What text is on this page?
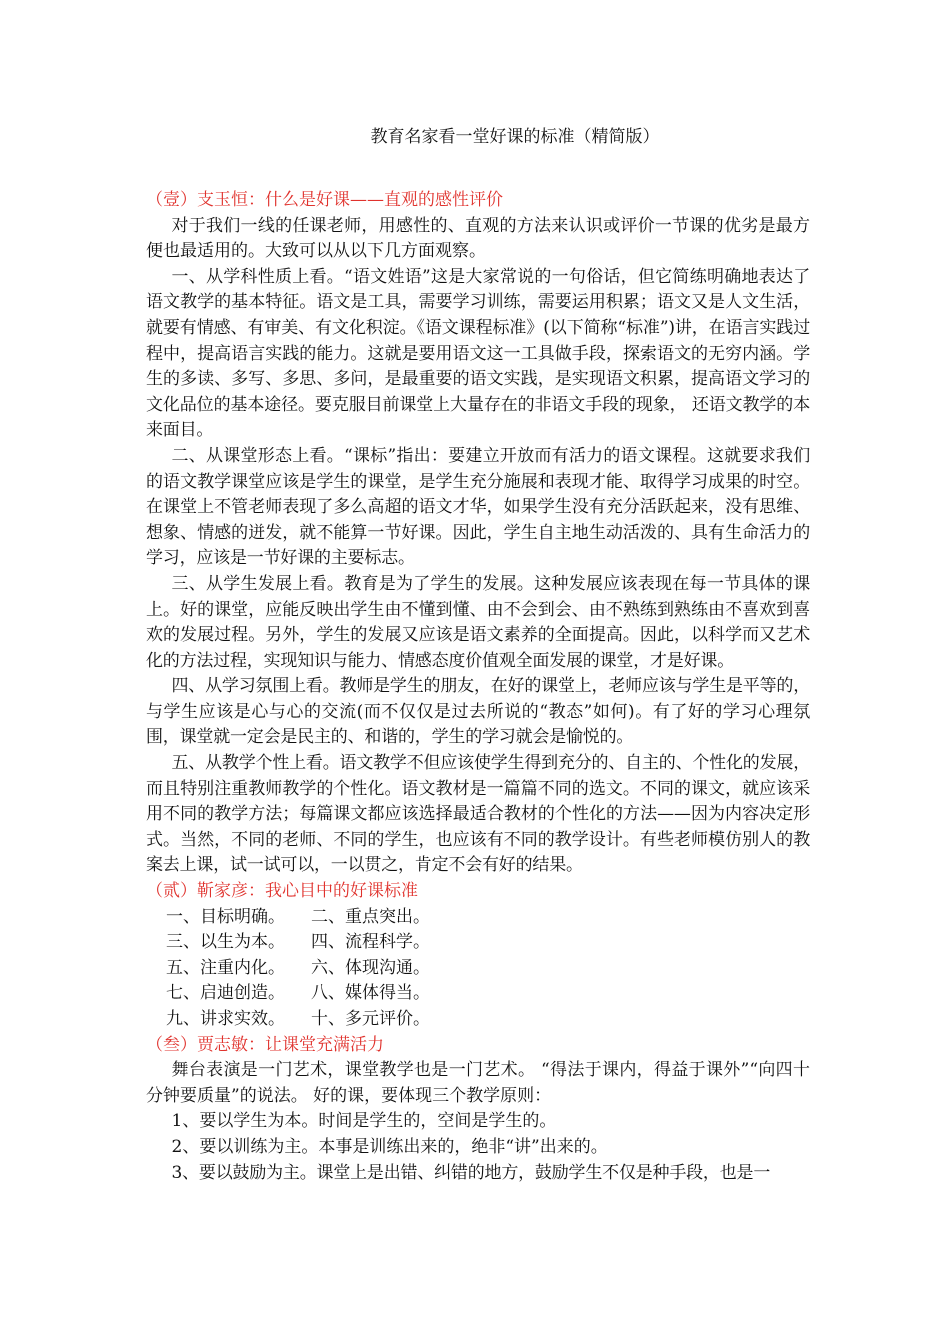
教育名家看一堂好课的标准（精简版）

（壹）支玉恒：什么是好课——直观的感性评价

对于我们一线的任课老师，用感性的、直观的方法来认识或评价一节课的优劣是最方便也最适用的。大致可以从以下几方面观察。

一、从学科性质上看。“语文姓语”这是大家常说的一句俗话，但它简练明确地表达了语文教学的基本特征。语文是工具，需要学习训练，需要运用积累；语文又是人文生活，就要有情感、有审美、有文化积淀。《语文课程标准》(以下简称“标准”)讲，在语言实践过程中，提高语言实践的能力。这就是要用语文这一工具做手段，探索语文的无穷内涵。学生的多读、多写、多思、多问，是最重要的语文实践，是实现语文积累，提高语文学习的文化品位的基本途径。要克服目前课堂上大量存在的非语文手段的现象， 还语文教学的本来面目。

二、从课堂形态上看。“课标”指出：要建立开放而有活力的语文课程。这就要求我们的语文教学课堂应该是学生的课堂，是学生充分施展和表现才能、取得学习成果的时空。在课堂上不管老师表现了多么高超的语文才华，如果学生没有充分活跃起来，没有思维、想象、情感的迸发，就不能算一节好课。因此，学生自主地生动活泼的、具有生命活力的学习，应该是一节好课的主要标志。

三、从学生发展上看。教育是为了学生的发展。这种发展应该表现在每一节具体的课上。好的课堂，应能反映出学生由不懂到懂、由不会到会、由不熟练到熟练由不喜欢到喜欢的发展过程。另外，学生的发展又应该是语文素养的全面提高。因此，以科学而又艺术化的方法过程，实现知识与能力、情感态度价值观全面发展的课堂，才是好课。

四、从学习氛围上看。教师是学生的朋友，在好的课堂上，老师应该与学生是平等的，与学生应该是心与心的交流(而不仅仅是过去所说的“教态”如何)。有了好的学习心理氛围，课堂就一定会是民主的、和谐的，学生的学习就会是愉悦的。

五、从教学个性上看。语文教学不但应该使学生得到充分的、自主的、个性化的发展，而且特别注重教师教学的个性化。语文教材是一篇篇不同的选文。不同的课文，就应该采用不同的教学方法；每篇课文都应该选择最适合教材的个性化的方法——因为内容决定形式。当然，不同的老师、不同的学生，也应该有不同的教学设计。有些老师模仿别人的教案去上课，试一试可以，一以贯之，肯定不会有好的结果。

（贰）靳家彦：我心目中的好课标准

一、目标明确。 二、重点突出。

三、以生为本。 四、流程科学。

五、注重内化。 六、体现沟通。

七、启迪创造。 八、媒体得当。

九、讲求实效。 十、多元评价。

（叁）贾志敏：让课堂充满活力

舞台表演是一门艺术，课堂教学也是一门艺术。 “得法于课内，得益于课外”“向四十分钟要质量”的说法。 好的课，要体现三个教学原则：

1、要以学生为本。时间是学生的，空间是学生的。

2、要以训练为主。本事是训练出来的，绝非“讲”出来的。

3、要以鼓励为主。课堂上是出错、纠错的地方，鼓励学生不仅是种手段，也是一
